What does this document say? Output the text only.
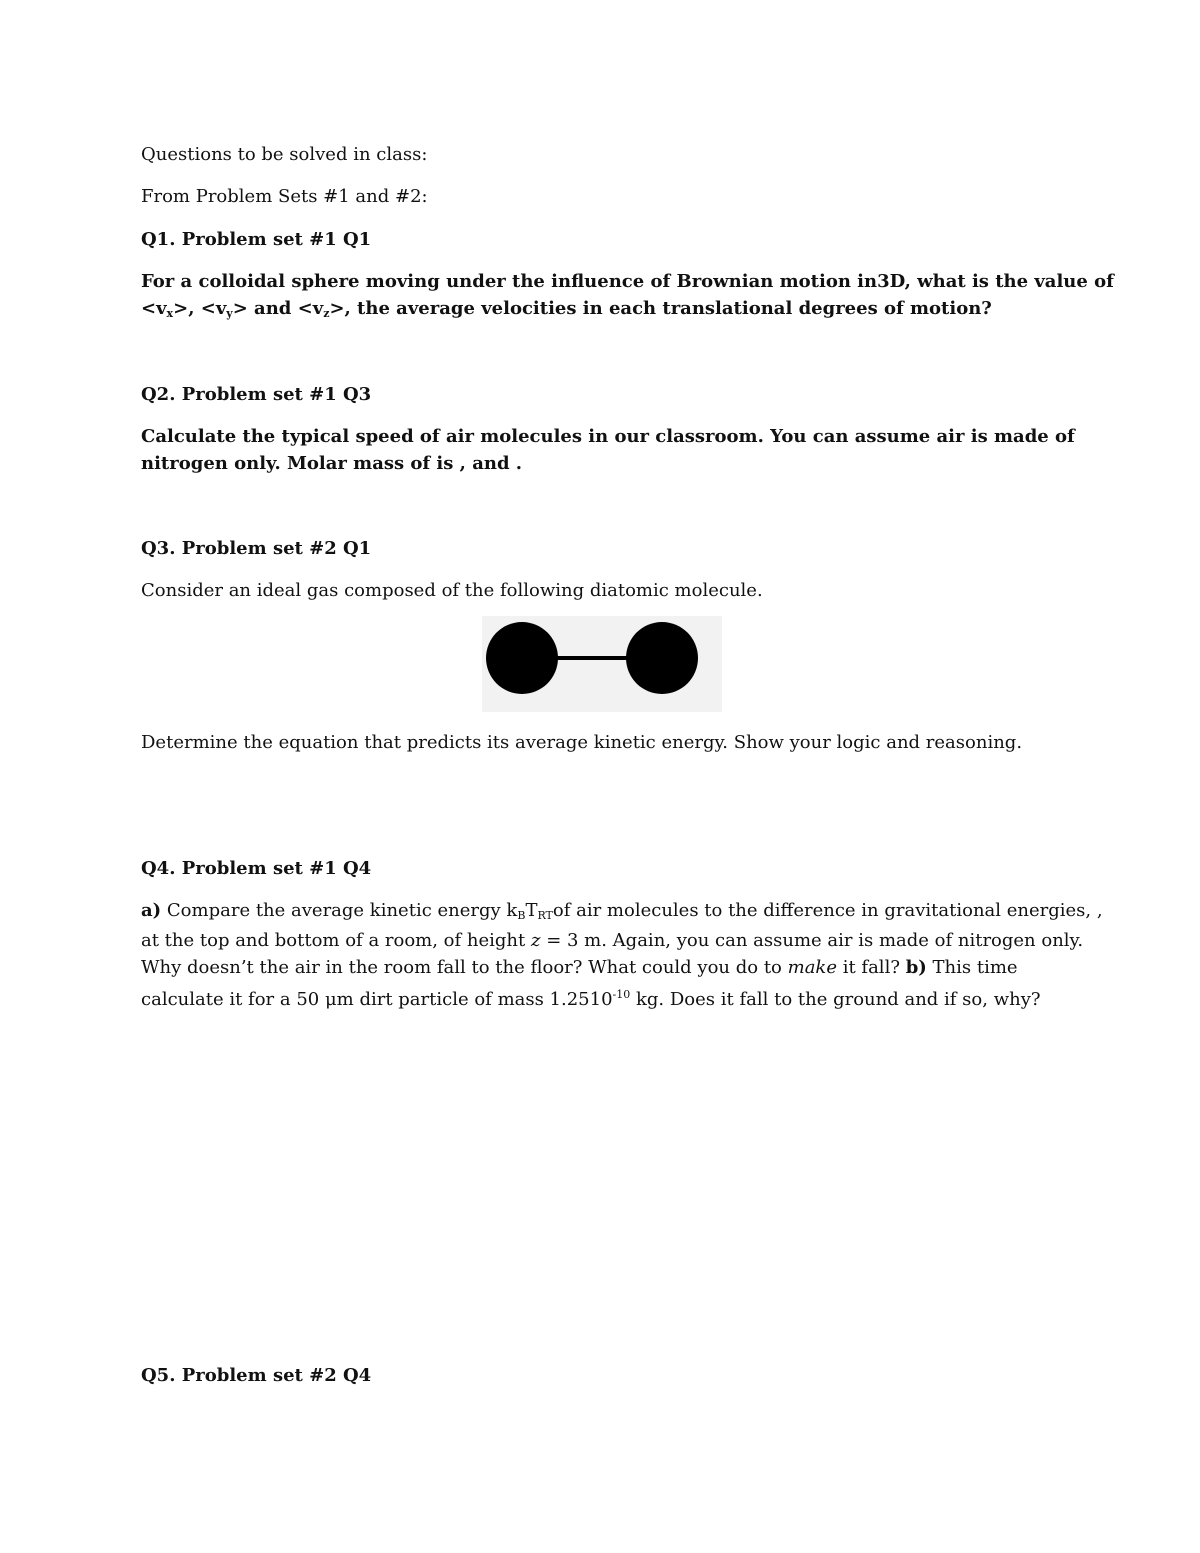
Questions to be solved in class:

From Problem Sets #1 and #2:

Q1. Problem set #1 Q1

For a colloidal sphere moving under the influence of Brownian motion in3D, what is the value of

$<v_x>$, $<v_y>$ and $<v_z>$, the average velocities in each translational degrees of motion?

Q2. Problem set #1 Q3

Calculate the typical speed of air molecules in our classroom. You can assume air is made of

nitrogen only. Molar mass of is , and .

Q3. Problem set #2 Q1

Consider an ideal gas composed of the following diatomic molecule.

Determine the equation that predicts its average kinetic energy. Show your logic and reasoning.

Q4. Problem set #1 Q4

a) Compare the average kinetic energy $k_BT_{RT}of$ air molecules to the difference in gravitational energies, ,

at the top and bottom of a room, of height z = 3 m. Again, you can assume air is made of nitrogen only.

Why doesn’t the air in the room fall to the floor? What could you do to make it fall? b) This time

calculate it for a 50 μm dirt particle of mass $1.2510^{-10}$ kg. Does it fall to the ground and if so, why?

Q5. Problem set #2 Q4
